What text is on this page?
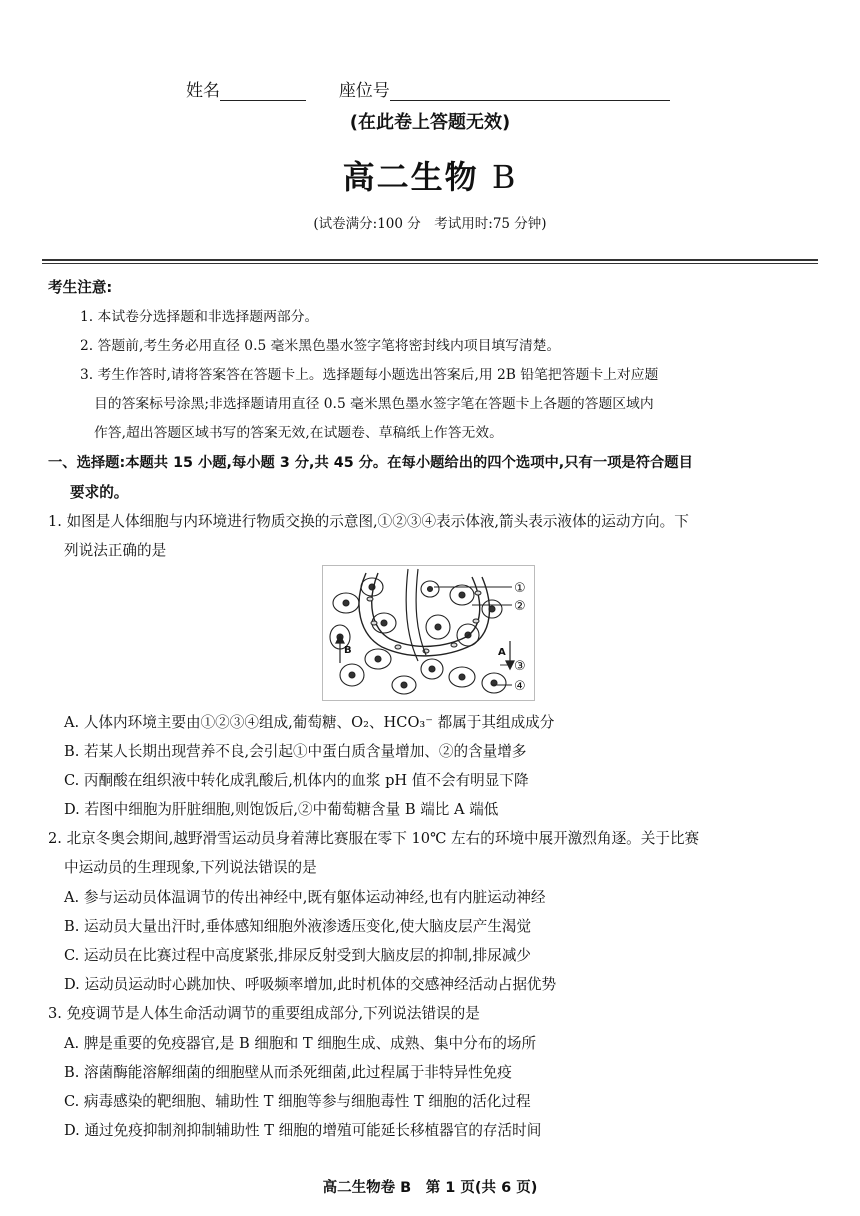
姓名	座位号
(在此卷上答题无效)
高二生物 B
(试卷满分:100 分　考试用时:75 分钟)
考生注意:
1. 本试卷分选择题和非选择题两部分。
2. 答题前,考生务必用直径 0.5 毫米黑色墨水签字笔将密封线内项目填写清楚。
3. 考生作答时,请将答案答在答题卡上。选择题每小题选出答案后,用 2B 铅笔把答题卡上对应题
目的答案标号涂黑;非选择题请用直径 0.5 毫米黑色墨水签字笔在答题卡上各题的答题区域内
作答,超出答题区域书写的答案无效,在试题卷、草稿纸上作答无效。
一、选择题:本题共 15 小题,每小题 3 分,共 45 分。在每小题给出的四个选项中,只有一项是符合题目
要求的。
1. 如图是人体细胞与内环境进行物质交换的示意图,①②③④表示体液,箭头表示液体的运动方向。下
列说法正确的是
①
②
③
④
B	A
A. 人体内环境主要由①②③④组成,葡萄糖、O₂、HCO₃⁻ 都属于其组成成分
B. 若某人长期出现营养不良,会引起①中蛋白质含量增加、②的含量增多
C. 丙酮酸在组织液中转化成乳酸后,机体内的血浆 pH 值不会有明显下降
D. 若图中细胞为肝脏细胞,则饱饭后,②中葡萄糖含量 B 端比 A 端低
2. 北京冬奥会期间,越野滑雪运动员身着薄比赛服在零下 10℃ 左右的环境中展开激烈角逐。关于比赛
中运动员的生理现象,下列说法错误的是
A. 参与运动员体温调节的传出神经中,既有躯体运动神经,也有内脏运动神经
B. 运动员大量出汗时,垂体感知细胞外液渗透压变化,使大脑皮层产生渴觉
C. 运动员在比赛过程中高度紧张,排尿反射受到大脑皮层的抑制,排尿减少
D. 运动员运动时心跳加快、呼吸频率增加,此时机体的交感神经活动占据优势
3. 免疫调节是人体生命活动调节的重要组成部分,下列说法错误的是
A. 脾是重要的免疫器官,是 B 细胞和 T 细胞生成、成熟、集中分布的场所
B. 溶菌酶能溶解细菌的细胞壁从而杀死细菌,此过程属于非特异性免疫
C. 病毒感染的靶细胞、辅助性 T 细胞等参与细胞毒性 T 细胞的活化过程
D. 通过免疫抑制剂抑制辅助性 T 细胞的增殖可能延长移植器官的存活时间
高二生物卷 B　第 1 页(共 6 页)
